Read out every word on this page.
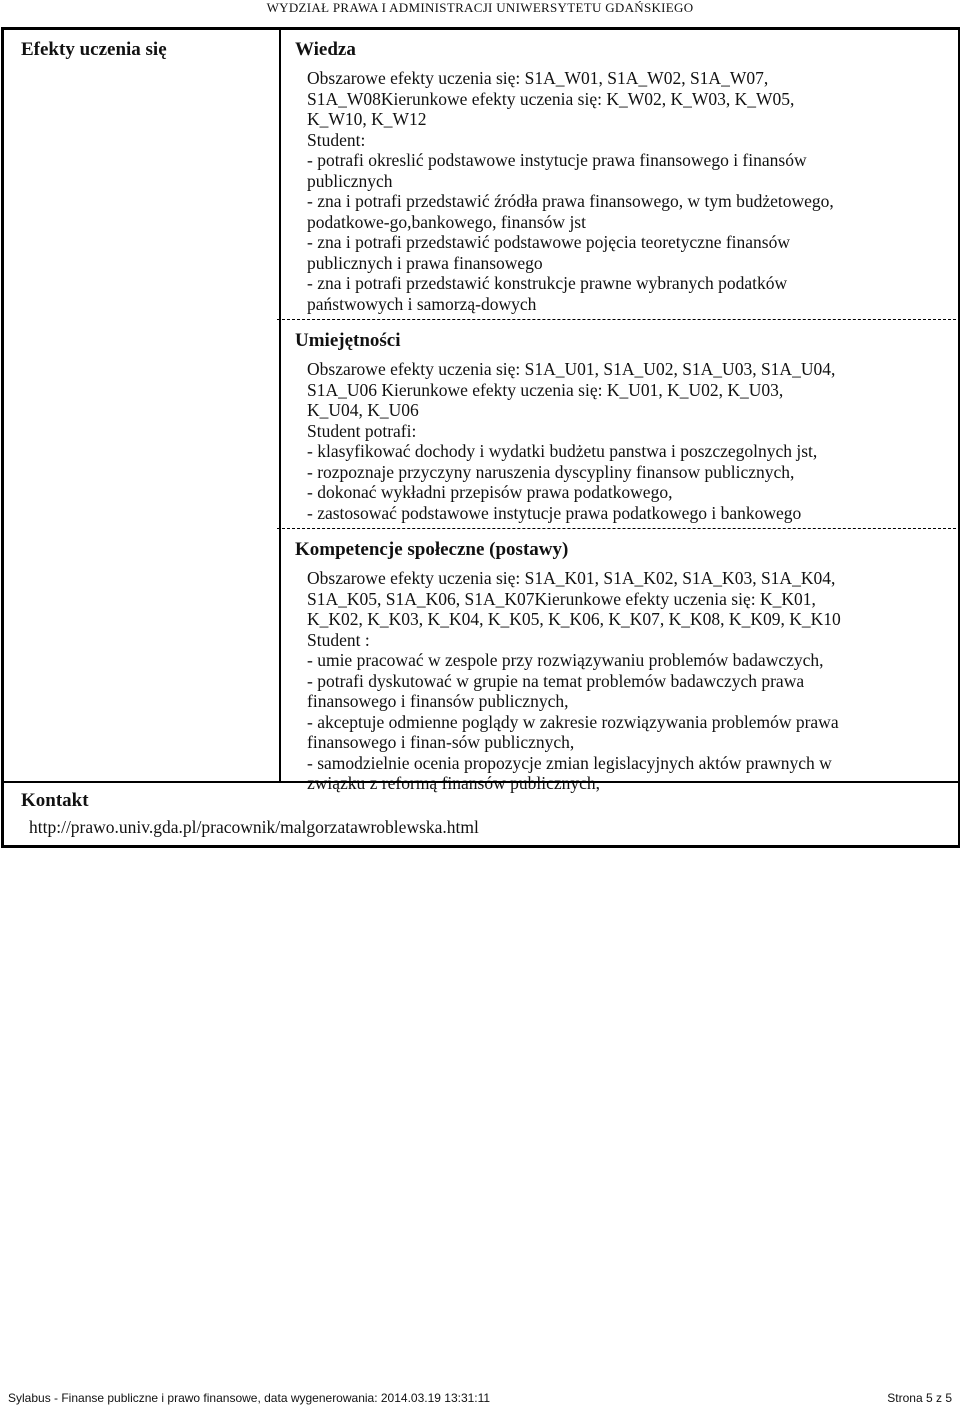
WYDZIAŁ PRAWA I ADMINISTRACJI UNIWERSYTETU GDAŃSKIEGO
Efekty uczenia się	Wiedza
Obszarowe efekty uczenia się: S1A_W01, S1A_W02, S1A_W07,
S1A_W08Kierunkowe efekty uczenia się: K_W02, K_W03, K_W05,
K_W10, K_W12
Student:
- potrafi okreslić podstawowe instytucje prawa finansowego i finansów
publicznych
- zna i potrafi przedstawić źródła prawa finansowego, w tym budżetowego,
podatkowe-go,bankowego, finansów jst
- zna i potrafi przedstawić podstawowe pojęcia teoretyczne finansów
publicznych i prawa finansowego
- zna i potrafi przedstawić konstrukcje prawne wybranych podatków
państwowych i samorzą-dowych
Umiejętności
Obszarowe efekty uczenia się: S1A_U01, S1A_U02, S1A_U03, S1A_U04,
S1A_U06 Kierunkowe efekty uczenia się: K_U01, K_U02, K_U03,
K_U04, K_U06
Student potrafi:
- klasyfikować dochody i wydatki budżetu panstwa i poszczegolnych jst,
- rozpoznaje przyczyny naruszenia dyscypliny finansow publicznych,
- dokonać wykładni przepisów prawa podatkowego,
- zastosować podstawowe instytucje prawa podatkowego i bankowego
Kompetencje społeczne (postawy)
Obszarowe efekty uczenia się: S1A_K01, S1A_K02, S1A_K03, S1A_K04,
S1A_K05, S1A_K06, S1A_K07Kierunkowe efekty uczenia się: K_K01,
K_K02, K_K03, K_K04, K_K05, K_K06, K_K07, K_K08, K_K09, K_K10
Student :
- umie pracować w zespole przy rozwiązywaniu problemów badawczych,
- potrafi dyskutować w grupie na temat problemów badawczych prawa
finansowego i finansów publicznych,
- akceptuje odmienne poglądy w zakresie rozwiązywania problemów prawa
finansowego i finan-sów publicznych,
- samodzielnie ocenia propozycje zmian legislacyjnych aktów prawnych w
związku z reformą finansów publicznych,
Kontakt
http://prawo.univ.gda.pl/pracownik/malgorzatawroblewska.html
Sylabus - Finanse publiczne i prawo finansowe, data wygenerowania: 2014.03.19 13:31:11	Strona 5 z 5
